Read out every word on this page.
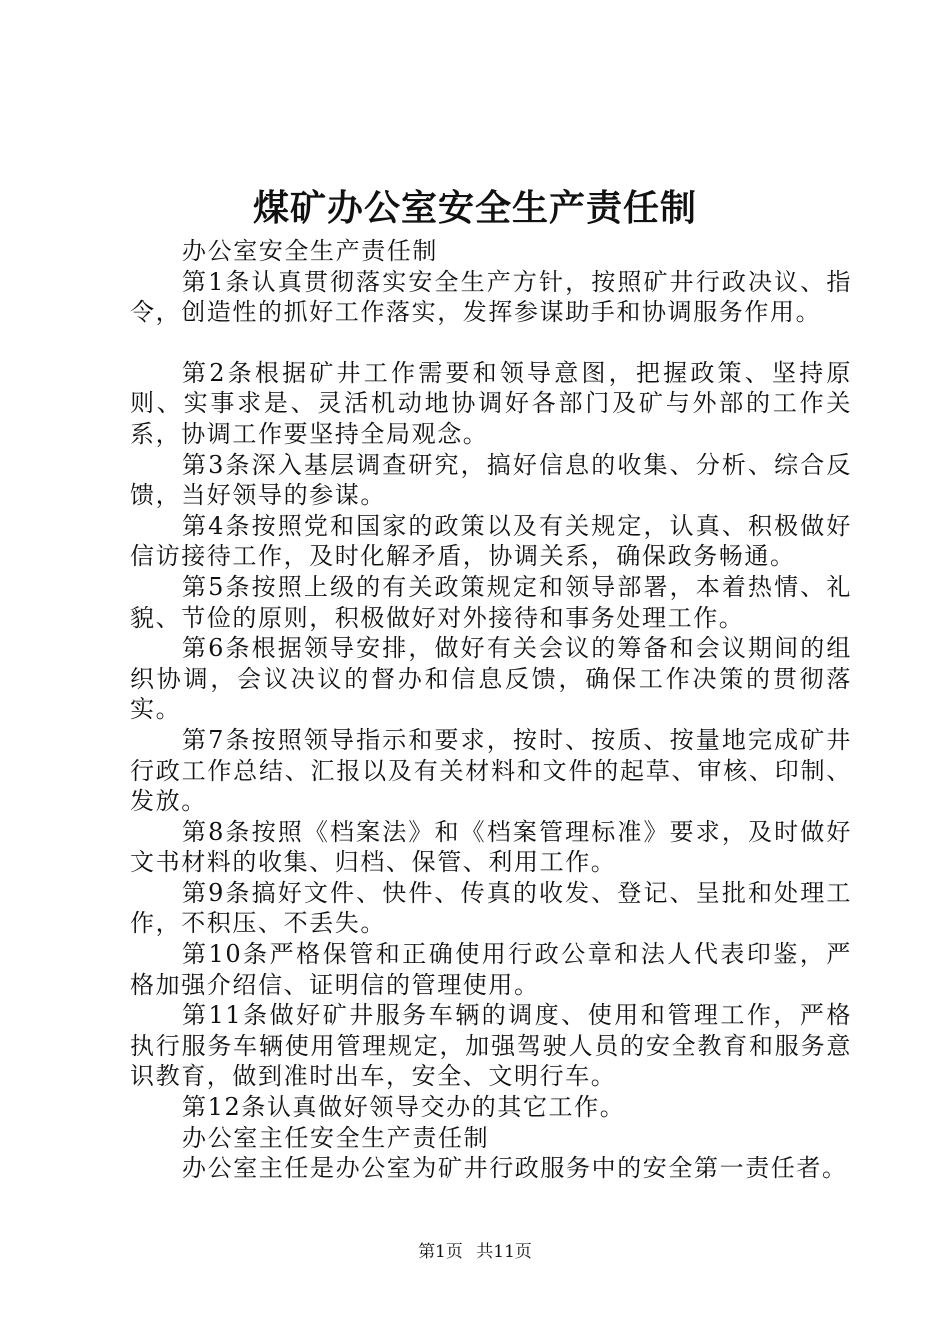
煤矿办公室安全生产责任制

办公室安全生产责任制

第1条认真贯彻落实安全生产方针，按照矿井行政决议、指令，创造性的抓好工作落实，发挥参谋助手和协调服务作用。

第2条根据矿井工作需要和领导意图，把握政策、坚持原则、实事求是、灵活机动地协调好各部门及矿与外部的工作关系，协调工作要坚持全局观念。

第3条深入基层调查研究，搞好信息的收集、分析、综合反馈，当好领导的参谋。

第4条按照党和国家的政策以及有关规定，认真、积极做好信访接待工作，及时化解矛盾，协调关系，确保政务畅通。

第5条按照上级的有关政策规定和领导部署，本着热情、礼貌、节俭的原则，积极做好对外接待和事务处理工作。

第6条根据领导安排，做好有关会议的筹备和会议期间的组织协调，会议决议的督办和信息反馈，确保工作决策的贯彻落实。

第7条按照领导指示和要求，按时、按质、按量地完成矿井行政工作总结、汇报以及有关材料和文件的起草、审核、印制、发放。

第8条按照《档案法》和《档案管理标准》要求，及时做好文书材料的收集、归档、保管、利用工作。

第9条搞好文件、快件、传真的收发、登记、呈批和处理工作，不积压、不丢失。

第10条严格保管和正确使用行政公章和法人代表印鉴，严格加强介绍信、证明信的管理使用。

第11条做好矿井服务车辆的调度、使用和管理工作，严格执行服务车辆使用管理规定，加强驾驶人员的安全教育和服务意识教育，做到准时出车，安全、文明行车。

第12条认真做好领导交办的其它工作。

办公室主任安全生产责任制

办公室主任是办公室为矿井行政服务中的安全第一责任者。

第1页 共11页
